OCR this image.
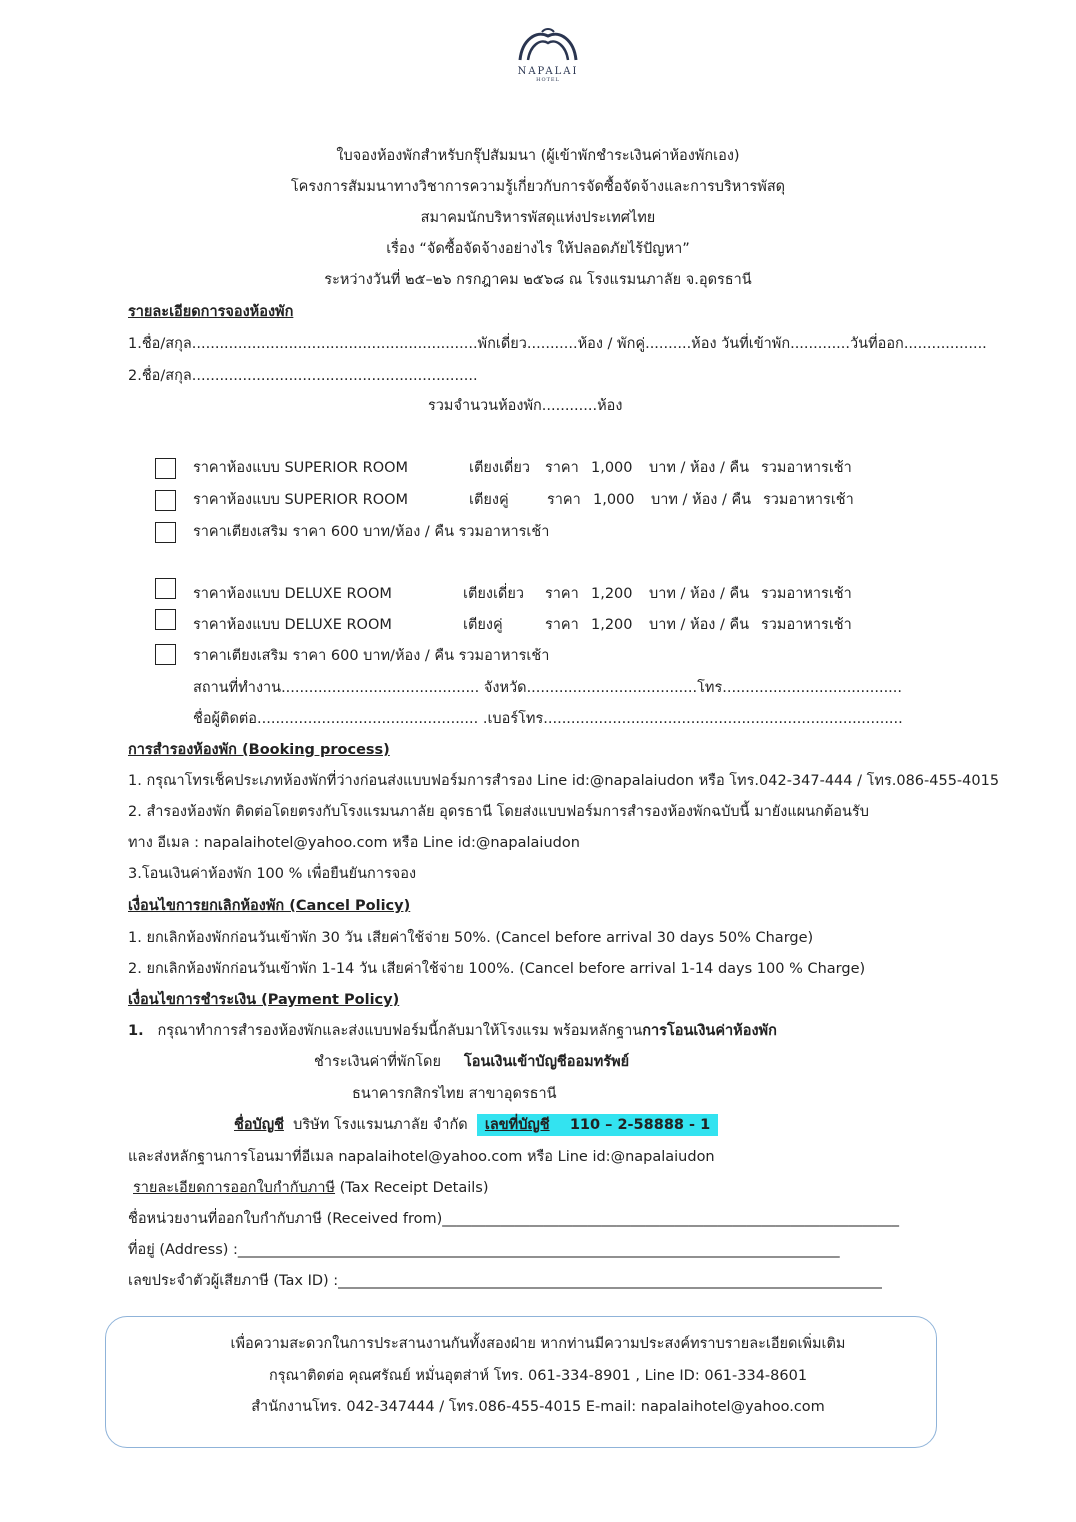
NAPALAI
HOTEL
ใบจองห้องพักสำหรับกรุ๊ปสัมมนา (ผู้เข้าพักชำระเงินค่าห้องพักเอง)
โครงการสัมมนาทางวิชาการความรู้เกี่ยวกับการจัดซื้อจัดจ้างและการบริหารพัสดุ
สมาคมนักบริหารพัสดุแห่งประเทศไทย
เรื่อง “จัดซื้อจัดจ้างอย่างไร ให้ปลอดภัยไร้ปัญหา”
ระหว่างวันที่ ๒๕–๒๖ กรกฎาคม ๒๕๖๘ ณ โรงแรมนภาลัย จ.อุดรธานี
รายละเอียดการจองห้องพัก
1.ชื่อ/สกุล..............................................................พักเดี่ยว...........ห้อง / พักคู่..........ห้อง วันที่เข้าพัก.............วันที่ออก..................
2.ชื่อ/สกุล..............................................................
รวมจำนวนห้องพัก............ห้อง
ราคาห้องแบบ SUPERIOR ROOM	เตียงเดี่ยว ราคา 1,000 บาท / ห้อง / คืน รวมอาหารเช้า
ราคาห้องแบบ SUPERIOR ROOM	เตียงคู่	ราคา 1,000 บาท / ห้อง / คืน รวมอาหารเช้า
ราคาเตียงเสริม ราคา 600 บาท/ห้อง / คืน รวมอาหารเช้า
ราคาห้องแบบ DELUXE ROOM	เตียงเดี่ยว ราคา 1,200 บาท / ห้อง / คืน รวมอาหารเช้า
ราคาห้องแบบ DELUXE ROOM	เตียงคู่	ราคา 1,200 บาท / ห้อง / คืน รวมอาหารเช้า
ราคาเตียงเสริม ราคา 600 บาท/ห้อง / คืน รวมอาหารเช้า
สถานที่ทำงาน........................................... จังหวัด.....................................โทร.......................................
ชื่อผู้ติดต่อ................................................ .เบอร์โทร..............................................................................
การสำรองห้องพัก (Booking process)
1. กรุณาโทรเช็คประเภทห้องพักที่ว่างก่อนส่งแบบฟอร์มการสำรอง Line id:@napalaiudon หรือ โทร.042-347-444 / โทร.086-455-4015
2. สำรองห้องพัก ติดต่อโดยตรงกับโรงแรมนภาลัย อุดรธานี โดยส่งแบบฟอร์มการสำรองห้องพักฉบับนี้ มายังแผนกต้อนรับ
ทาง อีเมล : napalaihotel@yahoo.com หรือ Line id:@napalaiudon
3.โอนเงินค่าห้องพัก 100 % เพื่อยืนยันการจอง
เงื่อนไขการยกเลิกห้องพัก (Cancel Policy)
1. ยกเลิกห้องพักก่อนวันเข้าพัก 30 วัน เสียค่าใช้จ่าย 50%. (Cancel before arrival 30 days 50% Charge)
2. ยกเลิกห้องพักก่อนวันเข้าพัก 1-14 วัน เสียค่าใช้จ่าย 100%. (Cancel before arrival 1-14 days 100 % Charge)
เงื่อนไขการชำระเงิน (Payment Policy)
1. กรุณาทำการสำรองห้องพักและส่งแบบฟอร์มนี้กลับมาให้โรงแรม พร้อมหลักฐานการโอนเงินค่าห้องพัก
ชำระเงินค่าที่พักโดย โอนเงินเข้าบัญชีออมทรัพย์
ธนาคารกสิกรไทย สาขาอุดรธานี
ชื่อบัญชี บริษัท โรงแรมนภาลัย จำกัด เลขที่บัญชี 110 – 2-58888 - 1
และส่งหลักฐานการโอนมาที่อีเมล napalaihotel@yahoo.com หรือ Line id:@napalaiudon
รายละเอียดการออกใบกำกับภาษี (Tax Receipt Details)
ชื่อหน่วยงานที่ออกใบกำกับภาษี (Received from)_______________________________________________________________
ที่อยู่ (Address) :___________________________________________________________________________________
เลขประจำตัวผู้เสียภาษี (Tax ID) :___________________________________________________________________________
เพื่อความสะดวกในการประสานงานกันทั้งสองฝ่าย หากท่านมีความประสงค์ทราบรายละเอียดเพิ่มเติม
กรุณาติดต่อ คุณศรัณย์ หมั่นอุตส่าห์ โทร. 061-334-8901 , Line ID: 061-334-8601
สำนักงานโทร. 042-347444 / โทร.086-455-4015 E-mail: napalaihotel@yahoo.com
